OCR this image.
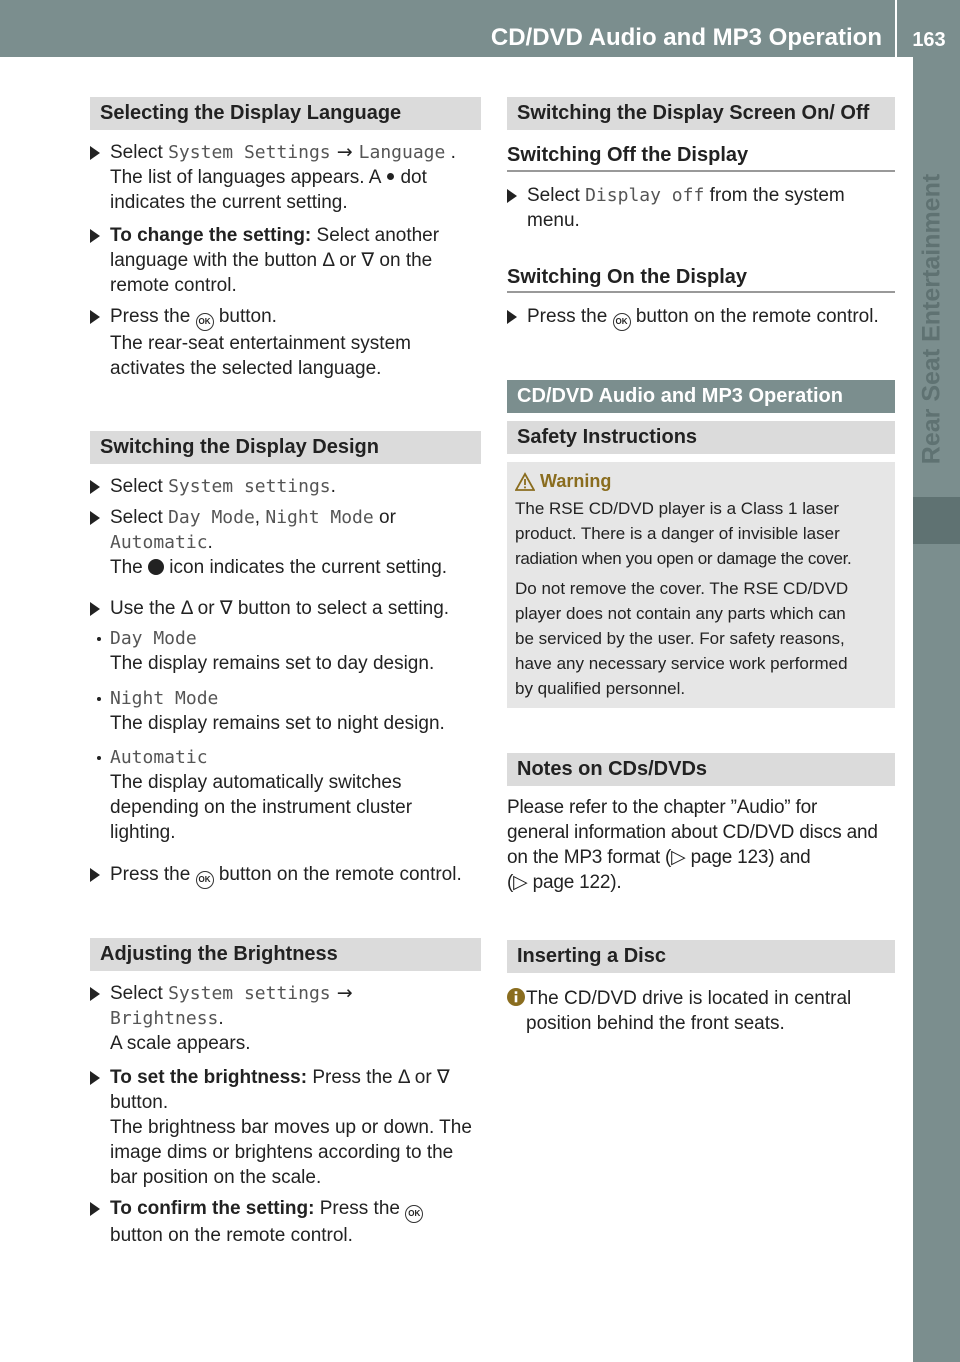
CD/DVD Audio and MP3 Operation	163
Rear Seat Entertainment
Selecting the Display Language
Select System Settings → Language .
The list of languages appears. A dot
indicates the current setting.
To change the setting: Select another
language with the button Δ or ∇ on the
remote control.
Press the OK button.
The rear-seat entertainment system
activates the selected language.
Switching the Display Design
Select System settings.
Select Day Mode, Night Mode or
Automatic.
The  icon indicates the current setting.
Use the Δ or ∇ button to select a setting.
Day Mode
The display remains set to day design.
Night Mode
The display remains set to night design.
Automatic
The display automatically switches
depending on the instrument cluster
lighting.
Press the OK button on the remote control.
Adjusting the Brightness
Select System settings →
Brightness.
A scale appears.
To set the brightness: Press the Δ or ∇
button.
The brightness bar moves up or down. The
image dims or brightens according to the
bar position on the scale.
To confirm the setting: Press the OK
button on the remote control.
Switching the Display Screen On/ Off
Switching Off the Display
Select Display off from the system
menu.
Switching On the Display
Press the OK button on the remote control.
CD/DVD Audio and MP3 Operation
Safety Instructions
Warning
The RSE CD/DVD player is a Class 1 laser
product. There is a danger of invisible laser
radiation when you open or damage the cover.
Do not remove the cover. The RSE CD/DVD
player does not contain any parts which can
be serviced by the user. For safety reasons,
have any necessary service work performed
by qualified personnel.
Notes on CDs/DVDs
Please refer to the chapter ”Audio” for
general information about CD/DVD discs and
on the MP3 format (▷ page 123) and
(▷ page 122).
Inserting a Disc
The CD/DVD drive is located in central
position behind the front seats.
